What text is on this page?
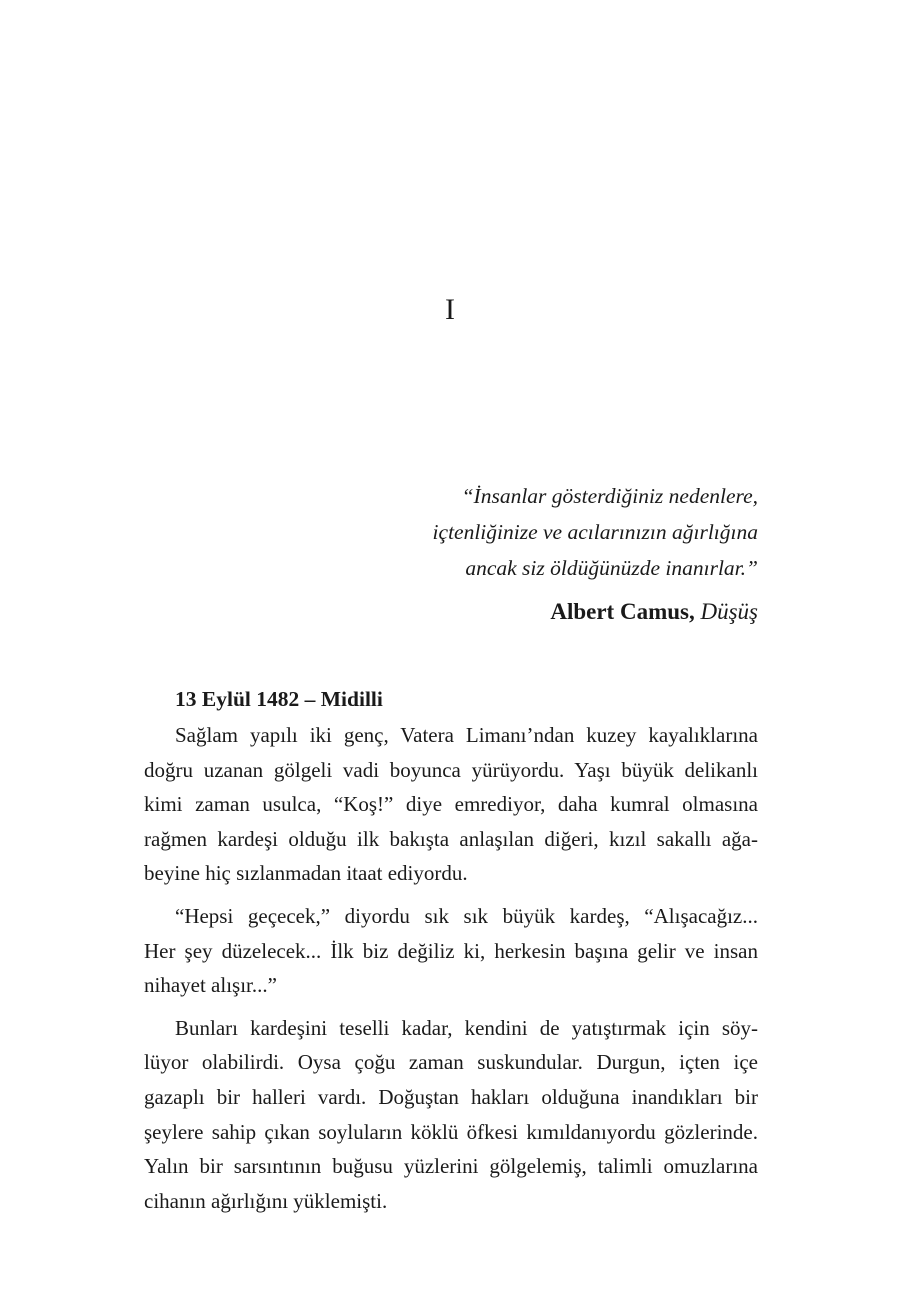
I
“İnsanlar gösterdiğiniz nedenlere,
içtenliğinize ve acılarınızın ağırlığına
ancak siz öldüğünüzde inanırlar.”
Albert Camus, Düşüş
13 Eylül 1482 – Midilli
Sağlam yapılı iki genç, Vatera Limanı’ndan kuzey kayalıklarına
doğru uzanan gölgeli vadi boyunca yürüyordu. Yaşı büyük delikanlı
kimi zaman usulca, “Koş!” diye emrediyor, daha kumral olmasına
rağmen kardeşi olduğu ilk bakışta anlaşılan diğeri, kızıl sakallı ağa-
beyine hiç sızlanmadan itaat ediyordu.
“Hepsi geçecek,” diyordu sık sık büyük kardeş, “Alışacağız...
Her şey düzelecek... İlk biz değiliz ki, herkesin başına gelir ve insan
nihayet alışır...”
Bunları kardeşini teselli kadar, kendini de yatıştırmak için söy-
lüyor olabilirdi. Oysa çoğu zaman suskundular. Durgun, içten içe
gazaplı bir halleri vardı. Doğuştan hakları olduğuna inandıkları bir
şeylere sahip çıkan soyluların köklü öfkesi kımıldanıyordu gözlerinde.
Yalın bir sarsıntının buğusu yüzlerini gölgelemiş, talimli omuzlarına
cihanın ağırlığını yüklemişti.
